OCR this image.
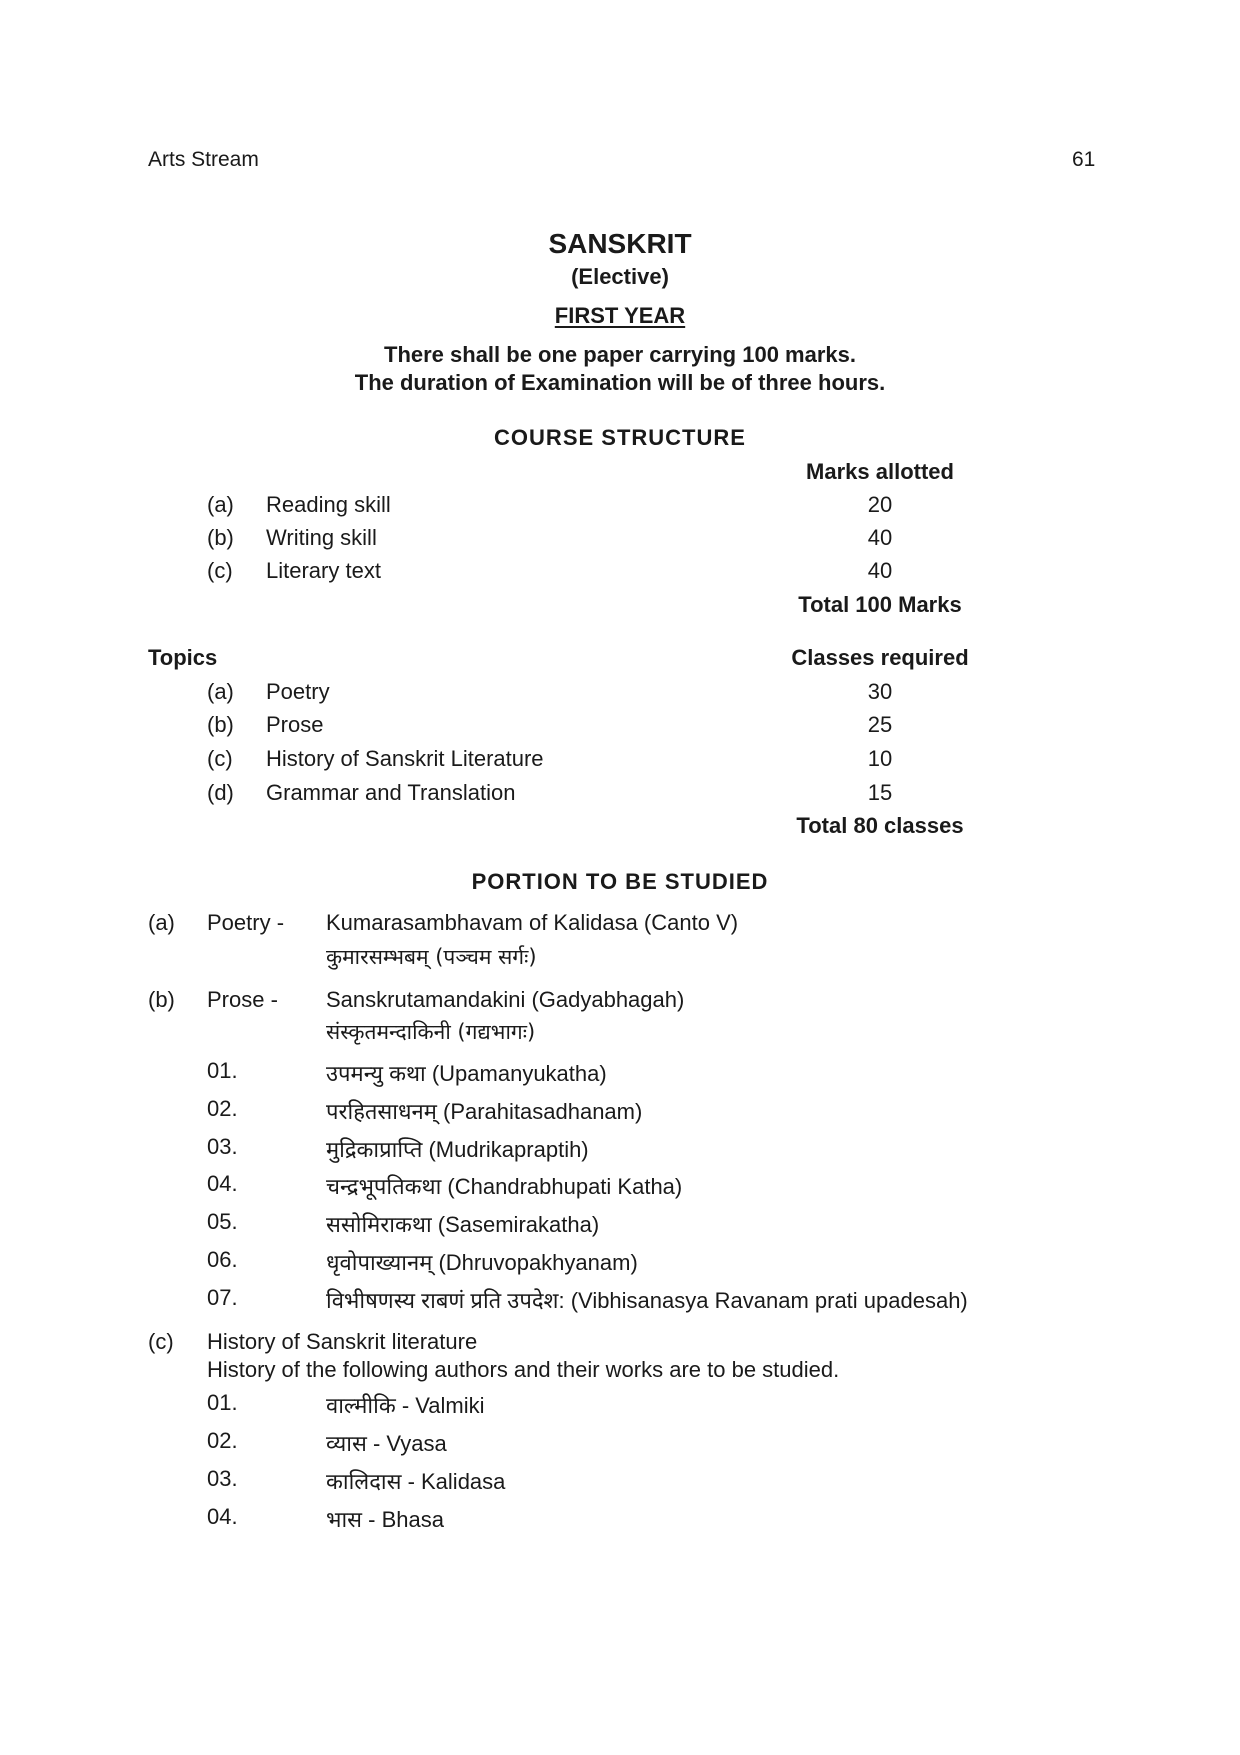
Arts Stream	61
SANSKRIT
(Elective)
FIRST YEAR
There shall be one paper carrying 100 marks.
The duration of Examination will be of three hours.
COURSE STRUCTURE
Marks allotted
(a) Reading skill	20
(b) Writing skill	40
(c) Literary text	40
Total 100 Marks
Topics	Classes required
(a) Poetry	30
(b) Prose	25
(c) History of Sanskrit Literature	10
(d) Grammar and Translation	15
Total 80 classes
PORTION TO BE STUDIED
(a) Poetry - Kumarasambhavam of Kalidasa (Canto V)
कुमारसम्भबम् (पञ्चम सर्गः)
(b) Prose - Sanskrutamandakini (Gadyabhagah)
संस्कृतमन्दाकिनी (गद्यभागः)
01.	उपमन्यु कथा (Upamanyukatha)
02.	परहितसाधनम् (Parahitasadhanam)
03.	मुद्रिकाप्राप्ति (Mudrikapraptih)
04.	चन्द्रभूपतिकथा (Chandrabhupati Katha)
05.	ससोमिराकथा (Sasemirakatha)
06.	धृवोपाख्यानम् (Dhruvopakhyanam)
07.	विभीषणस्य राबणं प्रति उपदेश: (Vibhisanasya Ravanam prati upadesah)
(c) History of Sanskrit literature
History of the following authors and their works are to be studied.
01.	वाल्मीकि - Valmiki
02.	व्यास - Vyasa
03.	कालिदास - Kalidasa
04.	भास - Bhasa
